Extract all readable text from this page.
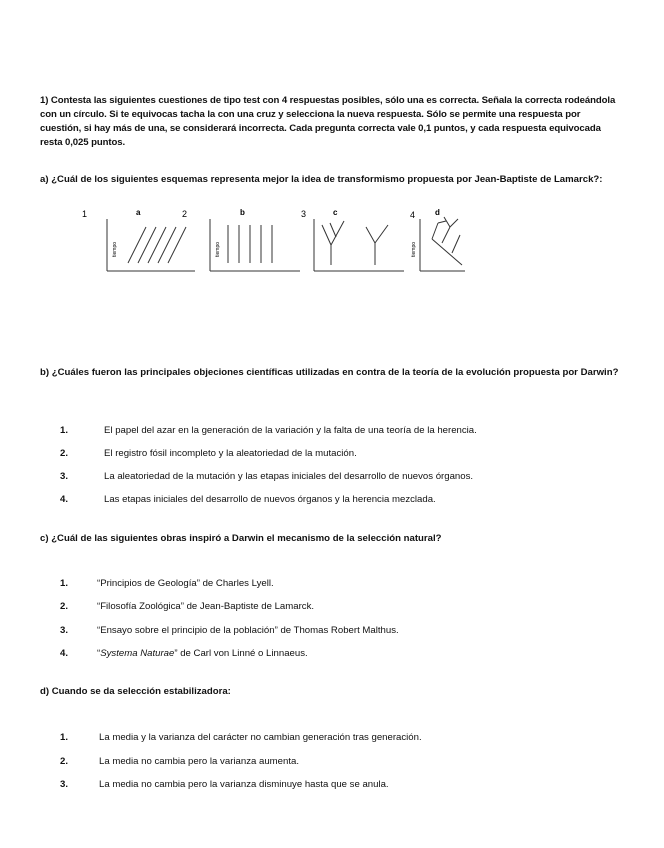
1) Contesta las siguientes cuestiones de tipo test con 4 respuestas posibles, sólo una es correcta. Señala la correcta rodeándola con un círculo. Si te equivocas tacha la con una cruz y selecciona la nueva respuesta. Sólo se permite una respuesta por cuestión, si hay más de una, se considerará incorrecta. Cada pregunta correcta vale 0,1 puntos, y cada respuesta equivocada resta 0,025 puntos.
a) ¿Cuál de los siguientes esquemas representa mejor la idea de transformismo propuesta por Jean-Baptiste de Lamarck?:
1	a	2	b	3	c	4 d
tiempo	tiempo	tiempo
b) ¿Cuáles fueron las principales objeciones científicas utilizadas en contra de la teoría de la evolución propuesta por Darwin?
1.	El papel del azar en la generación de la variación y la falta de una teoría de la herencia.
2.	El registro fósil incompleto y la aleatoriedad de la mutación.
3.	La aleatoriedad de la mutación y las etapas iniciales del desarrollo de nuevos órganos.
4.	Las etapas iniciales del desarrollo de nuevos órganos y la herencia mezclada.
c) ¿Cuál de las siguientes obras inspiró a Darwin el mecanismo de la selección natural?
1.	“Principios de Geología” de Charles Lyell.
2.	“Filosofía Zoológica” de Jean-Baptiste de Lamarck.
3.	“Ensayo sobre el principio de la población” de Thomas Robert Malthus.
4.	“Systema Naturae” de Carl von Linné o Linnaeus.
d) Cuando se da selección estabilizadora:
1.	La media y la varianza del carácter no cambian generación tras generación.
2.	La media no cambia pero la varianza aumenta.
3.	La media no cambia pero la varianza disminuye hasta que se anula.
